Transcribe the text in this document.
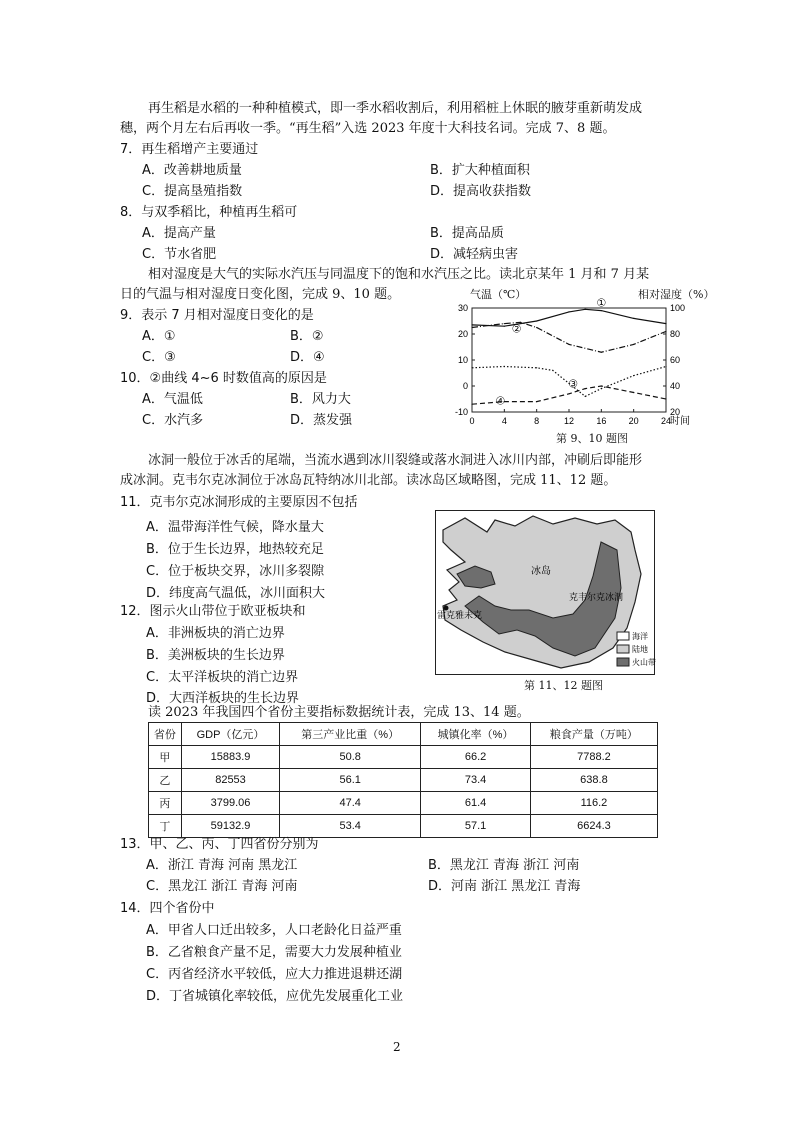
再生稻是水稻的一种种植模式，即一季水稻收割后，利用稻桩上休眠的腋芽重新萌发成
穗，两个月左右后再收一季。“再生稻”入选 2023 年度十大科技名词。完成 7、8 题。
7．再生稻增产主要通过
A．改善耕地质量	B．扩大种植面积
C．提高垦殖指数	D．提高收获指数
8．与双季稻比，种植再生稻可
A．提高产量	B．提高品质
C．节水省肥	D．减轻病虫害
相对湿度是大气的实际水汽压与同温度下的饱和水汽压之比。读北京某年 1 月和 7 月某
日的气温与相对湿度日变化图，完成 9、10 题。
9．表示 7 月相对湿度日变化的是
A．①	B．②
C．③	D．④
10．②曲线 4~6 时数值高的原因是
A．气温低	B．风力大
C．水汽多	D．蒸发强	0	4	8	12 16 20 24
时间
-10
0
10
20
30
20
40
60
80
100
①
②
③
④
气温（℃）	相对湿度（%）
第 9、10 题图
冰洞一般位于冰舌的尾端，当流水遇到冰川裂缝或落水洞进入冰川内部，冲刷后即能形
成冰洞。克韦尔克冰洞位于冰岛瓦特纳冰川北部。读冰岛区域略图，完成 11、12 题。
11．克韦尔克冰洞形成的主要原因不包括
A．温带海洋性气候，降水量大
B．位于生长边界，地热较充足
C．位于板块交界，冰川多裂隙
D．纬度高气温低，冰川面积大
12．图示火山带位于欧亚板块和
A．非洲板块的消亡边界
B．美洲板块的生长边界
C．太平洋板块的消亡边界
D．大西洋板块的生长边界
冰岛
克韦尔克冰洞
雷克雅未克
海洋
陆地
火山带
第 11、12 题图
读 2023 年我国四个省份主要指标数据统计表，完成 13、14 题。
省份	GDP（亿元）	第三产业比重（%）	城镇化率（%）	粮食产量（万吨）
甲	15883.9	50.8	66.2	7788.2
乙	82553	56.1	73.4	638.8
丙	3799.06	47.4	61.4	116.2
丁	59132.9	53.4	57.1	6624.3
13．甲、乙、丙、丁四省份分别为
A．浙江 青海 河南 黑龙江	B．黑龙江 青海 浙江 河南
C．黑龙江 浙江 青海 河南	D．河南 浙江 黑龙江 青海
14．四个省份中
A．甲省人口迁出较多，人口老龄化日益严重
B．乙省粮食产量不足，需要大力发展种植业
C．丙省经济水平较低，应大力推进退耕还湖
D．丁省城镇化率较低，应优先发展重化工业
2
